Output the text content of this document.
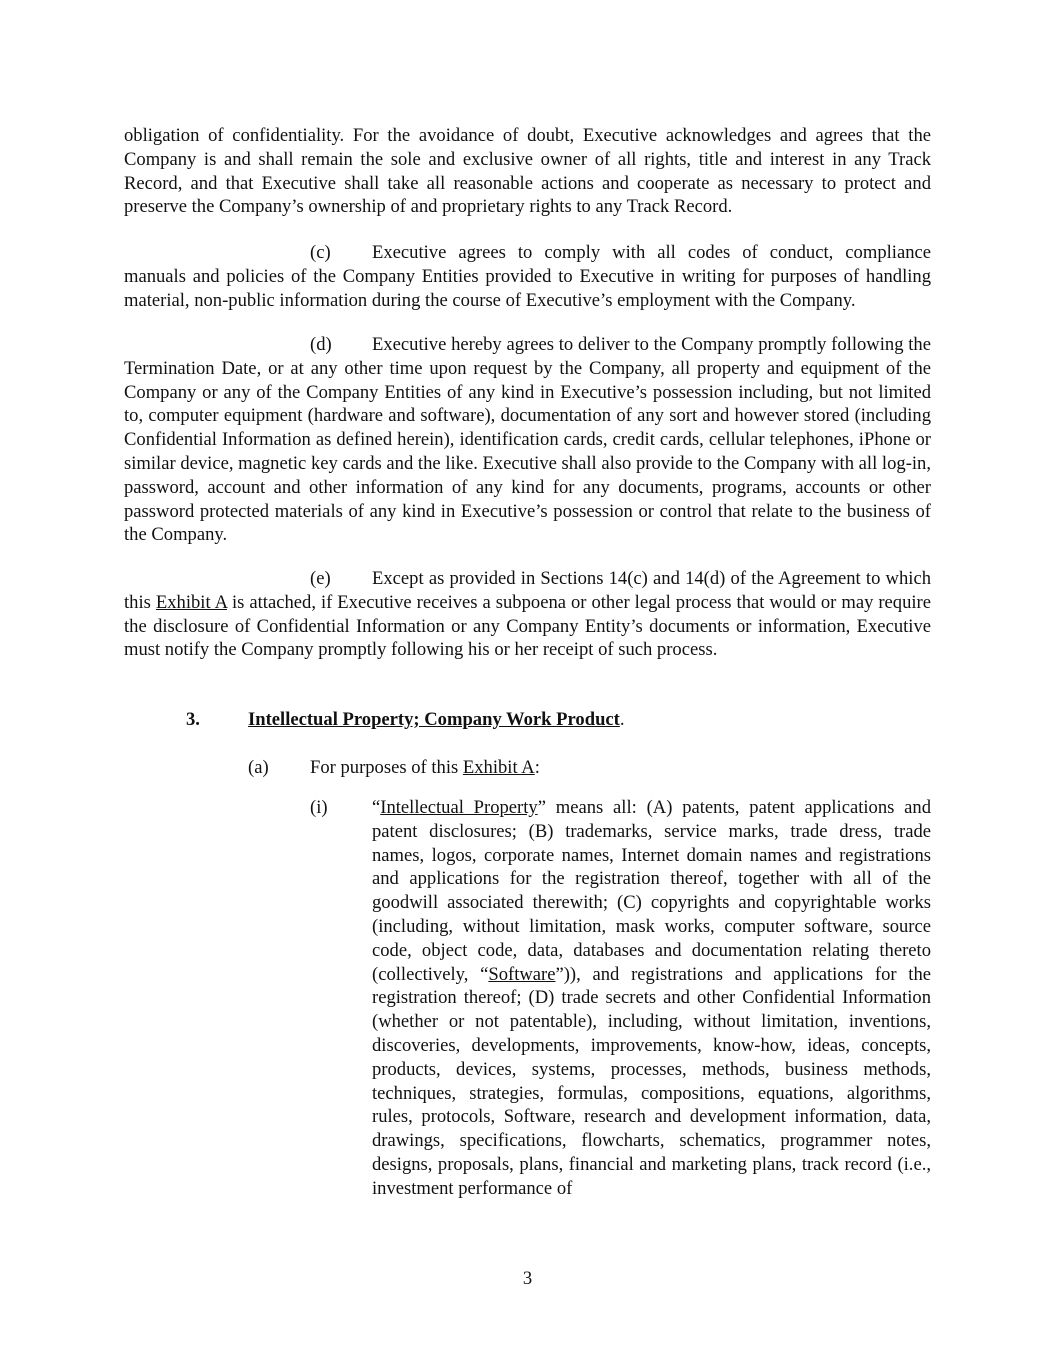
obligation of confidentiality. For the avoidance of doubt, Executive acknowledges and agrees that the Company is and shall remain the sole and exclusive owner of all rights, title and interest in any Track Record, and that Executive shall take all reasonable actions and cooperate as necessary to protect and preserve the Company’s ownership of and proprietary rights to any Track Record.

(c) Executive agrees to comply with all codes of conduct, compliance manuals and policies of the Company Entities provided to Executive in writing for purposes of handling material, non-public information during the course of Executive’s employment with the Company.

(d) Executive hereby agrees to deliver to the Company promptly following the Termination Date, or at any other time upon request by the Company, all property and equipment of the Company or any of the Company Entities of any kind in Executive’s possession including, but not limited to, computer equipment (hardware and software), documentation of any sort and however stored (including Confidential Information as defined herein), identification cards, credit cards, cellular telephones, iPhone or similar device, magnetic key cards and the like. Executive shall also provide to the Company with all log-in, password, account and other information of any kind for any documents, programs, accounts or other password protected materials of any kind in Executive’s possession or control that relate to the business of the Company.

(e) Except as provided in Sections 14(c) and 14(d) of the Agreement to which this Exhibit A is attached, if Executive receives a subpoena or other legal process that would or may require the disclosure of Confidential Information or any Company Entity’s documents or information, Executive must notify the Company promptly following his or her receipt of such process.

3.	Intellectual Property; Company Work Product.
(a) For purposes of this Exhibit A:
(i) “Intellectual Property” means all: (A) patents, patent applications and patent disclosures; (B) trademarks, service marks, trade dress, trade names, logos, corporate names, Internet domain names and registrations and applications for the registration thereof, together with all of the goodwill associated therewith; (C) copyrights and copyrightable works (including, without limitation, mask works, computer software, source code, object code, data, databases and documentation relating thereto (collectively, “Software”)), and registrations and applications for the registration thereof; (D) trade secrets and other Confidential Information (whether or not patentable), including, without limitation, inventions, discoveries, developments, improvements, know-how, ideas, concepts, products, devices, systems, processes, methods, business methods, techniques, strategies, formulas, compositions, equations, algorithms, rules, protocols, Software, research and development information, data, drawings, specifications, flowcharts, schematics, programmer notes, designs, proposals, plans, financial and marketing plans, track record (i.e., investment performance of

3
